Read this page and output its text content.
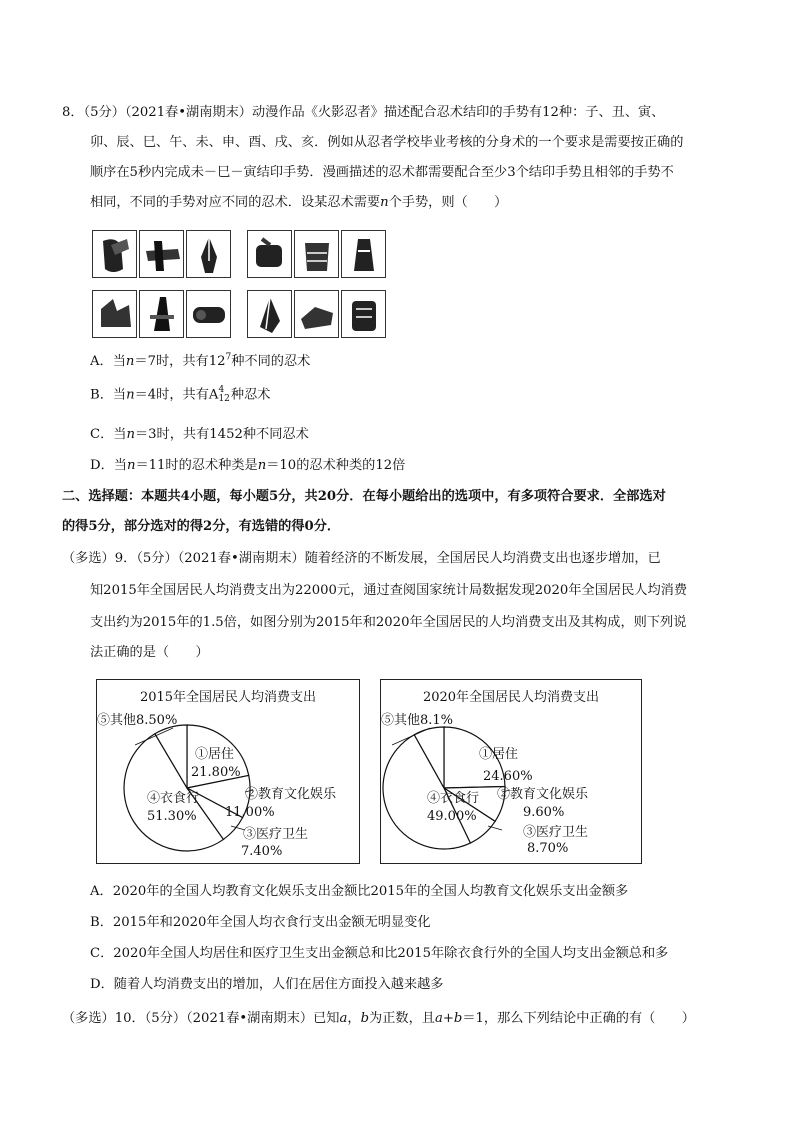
8．（5分）（2021春•湖南期末）动漫作品《火影忍者》描述配合忍术结印的手势有12种：子、丑、寅、
卯、辰、巳、午、未、申、酉、戌、亥．例如从忍者学校毕业考核的分身术的一个要求是需要按正确的
顺序在5秒内完成未－巳－寅结印手势．漫画描述的忍术都需要配合至少3个结印手势且相邻的手势不
相同，不同的手势对应不同的忍术．设某忍术需要n个手势，则（　　）
A．当n＝7时，共有$12^7$种不同的忍术
B．当n＝4时，共有A 4
12 种忍术
C．当n＝3时，共有1452种不同忍术
D．当n＝11时的忍术种类是n＝10的忍术种类的12倍
二、选择题：本题共4小题，每小题5分，共20分．在每小题给出的选项中，有多项符合要求．全部选对
的得5分，部分选对的得2分，有选错的得0分．
（多选）9．（5分）（2021春•湖南期末）随着经济的不断发展，全国居民人均消费支出也逐步增加，已
知2015年全国居民人均消费支出为22000元，通过查阅国家统计局数据发现2020年全国居民人均消费
支出约为2015年的1.5倍，如图分别为2015年和2020年全国居民的人均消费支出及其构成，则下列说
法正确的是（　　）
2015年全国居民人均消费支出
⑤其他8.50%
①居住
21.80%
④衣食行
51.30%
②教育文化娱乐
11.00%
③医疗卫生
7.40%
2020年全国居民人均消费支出
⑤其他8.1%
①居住
24.60%
④衣食行
49.00%
②教育文化娱乐
9.60%
③医疗卫生
8.70%
A．2020年的全国人均教育文化娱乐支出金额比2015年的全国人均教育文化娱乐支出金额多
B．2015年和2020年全国人均衣食行支出金额无明显变化
C．2020年全国人均居住和医疗卫生支出金额总和比2015年除衣食行外的全国人均支出金额总和多
D．随着人均消费支出的增加，人们在居住方面投入越来越多
（多选）10．（5分）（2021春•湖南期末）已知a，b为正数，且a+b＝1，那么下列结论中正确的有（　　）
